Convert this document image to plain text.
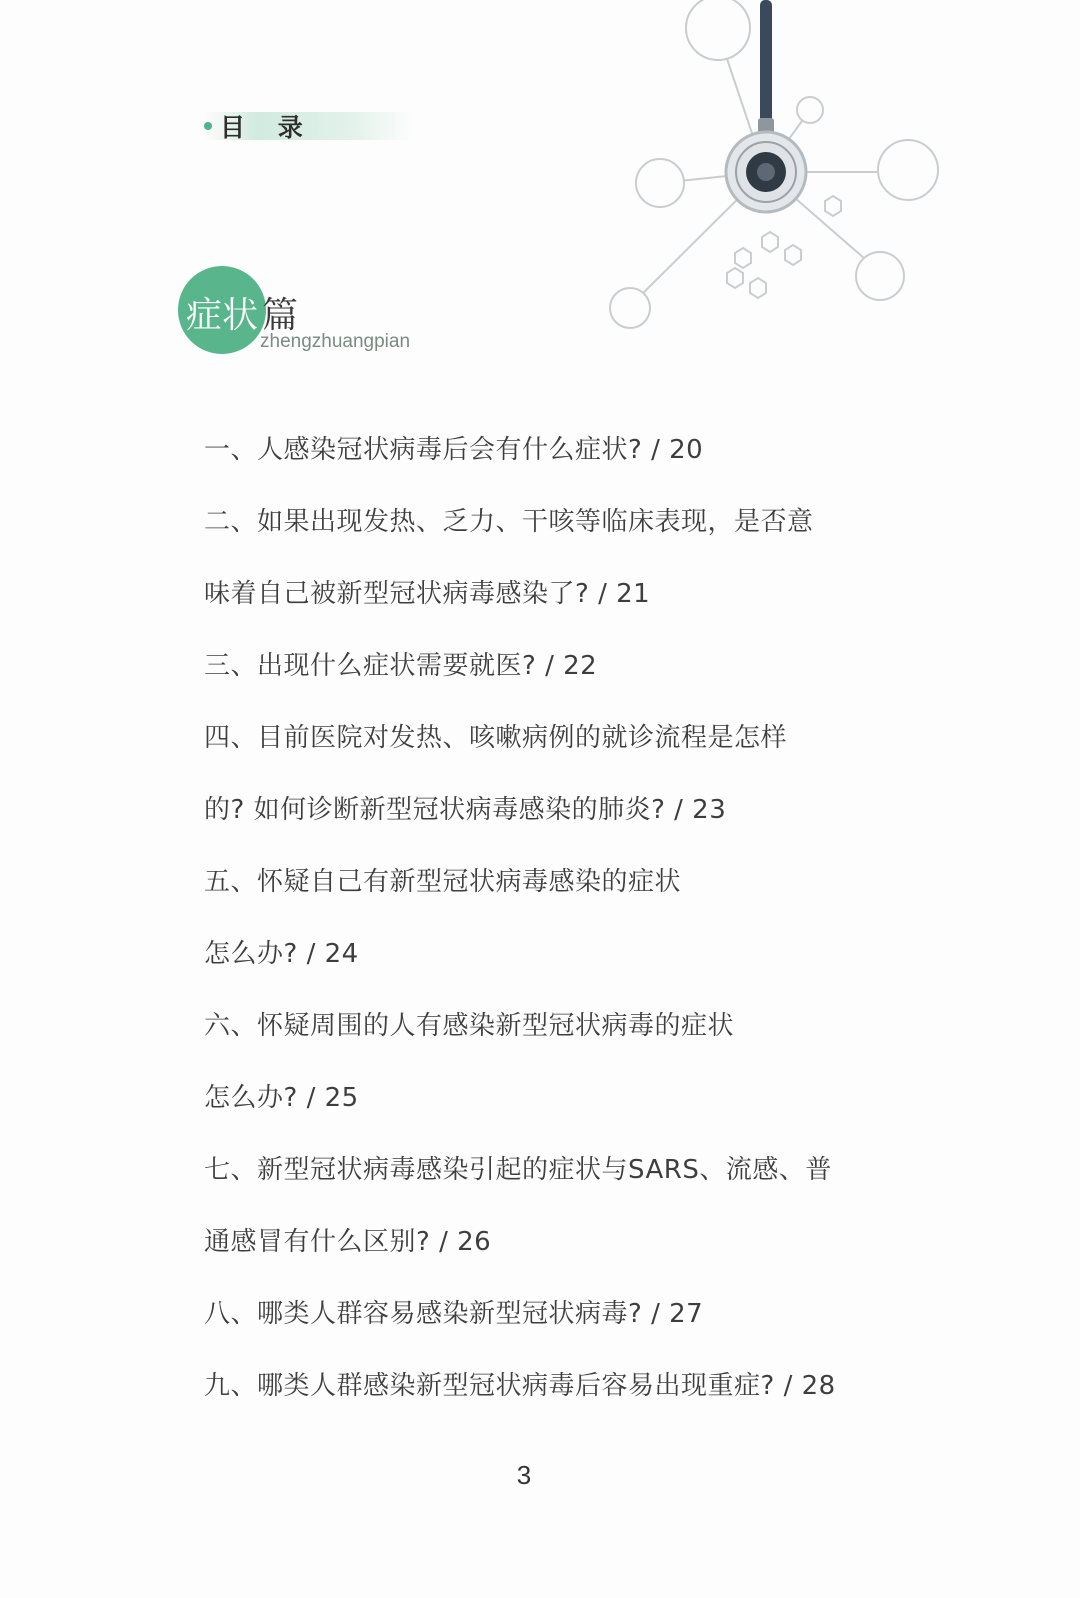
目 录
症状 篇
zhengzhuangpian
一、人感染冠状病毒后会有什么症状? / 20
二、如果出现发热、乏力、干咳等临床表现，是否意
味着自己被新型冠状病毒感染了? / 21
三、出现什么症状需要就医? / 22
四、目前医院对发热、咳嗽病例的就诊流程是怎样
的? 如何诊断新型冠状病毒感染的肺炎? / 23
五、怀疑自己有新型冠状病毒感染的症状
怎么办? / 24
六、怀疑周围的人有感染新型冠状病毒的症状
怎么办? / 25
七、新型冠状病毒感染引起的症状与SARS、流感、普
通感冒有什么区别? / 26
八、哪类人群容易感染新型冠状病毒? / 27
九、哪类人群感染新型冠状病毒后容易出现重症? / 28
3
